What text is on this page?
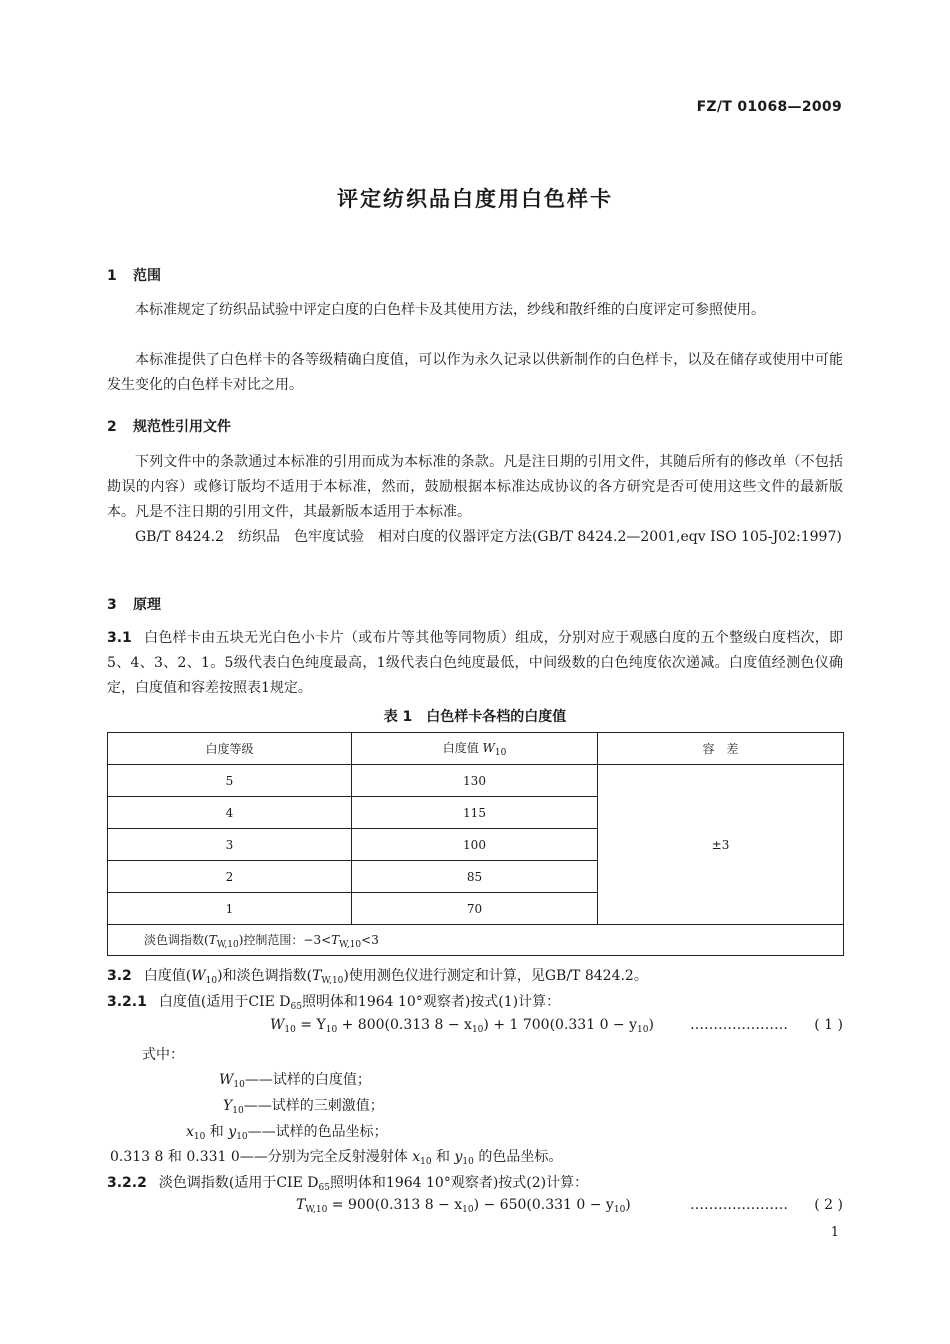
FZ/T 01068—2009
评定纺织品白度用白色样卡
1 范围
本标准规定了纺织品试验中评定白度的白色样卡及其使用方法，纱线和散纤维的白度评定可参照使用。
本标准提供了白色样卡的各等级精确白度值，可以作为永久记录以供新制作的白色样卡，以及在储存或使用中可能发生变化的白色样卡对比之用。
2 规范性引用文件
下列文件中的条款通过本标准的引用而成为本标准的条款。凡是注日期的引用文件，其随后所有的修改单（不包括勘误的内容）或修订版均不适用于本标准，然而，鼓励根据本标准达成协议的各方研究是否可使用这些文件的最新版本。凡是不注日期的引用文件，其最新版本适用于本标准。
GB/T 8424.2　纺织品　色牢度试验　相对白度的仪器评定方法(GB/T 8424.2—2001,eqv ISO 105-J02:1997)
3 原理
3.1 白色样卡由五块无光白色小卡片（或布片等其他等同物质）组成，分别对应于观感白度的五个整级白度档次，即5、4、3、2、1。5级代表白色纯度最高，1级代表白色纯度最低，中间级数的白色纯度依次递减。白度值经测色仪确定，白度值和容差按照表1规定。
表 1　白色样卡各档的白度值
白度等级	白度值 $W_{10}$	容　差
5	130	±3
4	115	
3	100	
2	85	
1	70	
淡色调指数$(T_{W,10})$控制范围：$-3<T_{W,10}<3$		
3.2 白度值$(W_{10})$和淡色调指数$(T_{W,10})$使用测色仪进行测定和计算，见GB/T 8424.2。
3.2.1 白度值(适用于CIE $D_{65}$照明体和1964 10°观察者)按式(1)计算：
$W_{10} = Y_{10} + 800(0.313$ $8 - x_{10}) + 1$ 700(0.331 $0 - y_{10}$)	………………… ( 1 )
式中：
$W_{10}——$试样的白度值；
$Y_{10}——$试样的三刺激值；
$x_{10}$ 和 $y_{10}——$试样的色品坐标；
0.313 8 和 0.331 0——分别为完全反射漫射体 $x_{10}$ 和 $y_{10}$ 的色品坐标。
3.2.2 淡色调指数(适用于CIE $D_{65}$照明体和1964 10°观察者)按式(2)计算：
$T_{W,10} = 900(0.313$ $8 - x_{10}) - 650(0.331$ $0 - y_{10}$)	………………… ( 2 )
1
